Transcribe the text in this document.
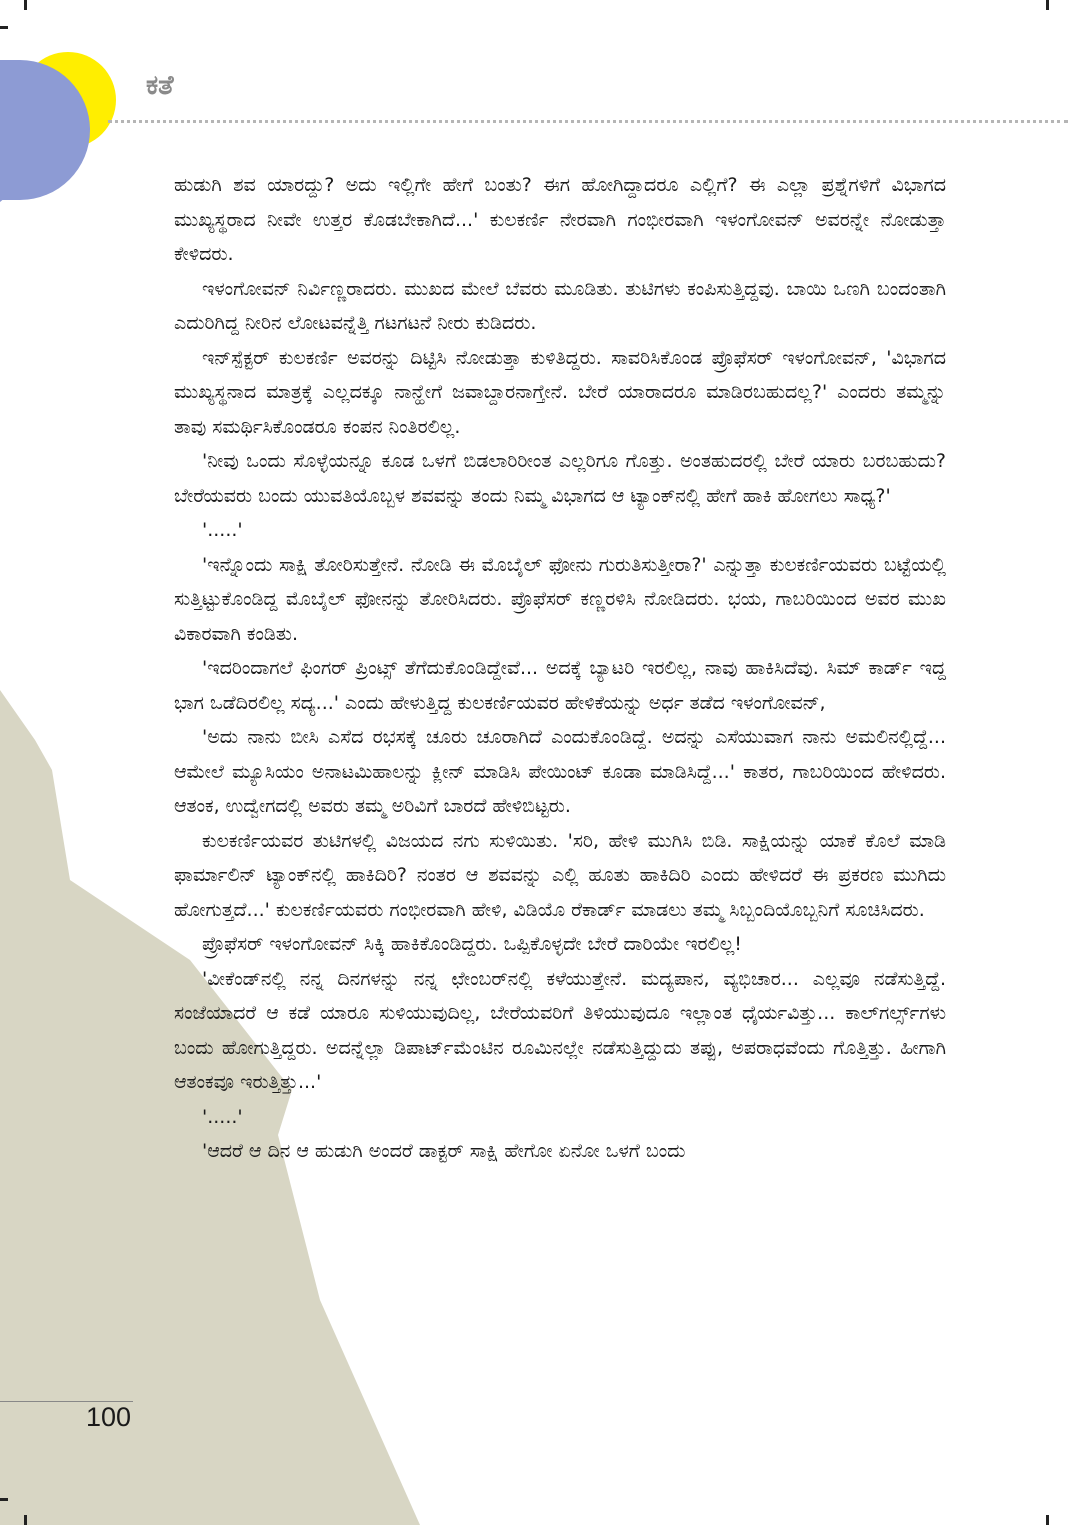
ಕತೆ

ಹುಡುಗಿ ಶವ ಯಾರದ್ದು? ಅದು ಇಲ್ಲಿಗೇ ಹೇಗೆ ಬಂತು? ಈಗ ಹೋಗಿದ್ದಾದರೂ ಎಲ್ಲಿಗೆ? ಈ ಎಲ್ಲಾ ಪ್ರಶ್ನೆಗಳಿಗೆ ವಿಭಾಗದ ಮುಖ್ಯಸ್ಥರಾದ ನೀವೇ ಉತ್ತರ ಕೊಡಬೇಕಾಗಿದೆ...' ಕುಲಕರ್ಣಿ ನೇರವಾಗಿ ಗಂಭೀರವಾಗಿ ಇಳಂಗೋವನ್ ಅವರನ್ನೇ ನೋಡುತ್ತಾ ಕೇಳಿದರು.

ಇಳಂಗೋವನ್ ನಿರ್ವಿಣ್ಣರಾದರು. ಮುಖದ ಮೇಲೆ ಬೆವರು ಮೂಡಿತು. ತುಟಿಗಳು ಕಂಪಿಸುತ್ತಿದ್ದವು. ಬಾಯಿ ಒಣಗಿ ಬಂದಂತಾಗಿ ಎದುರಿಗಿದ್ದ ನೀರಿನ ಲೋಟವನ್ನೆತ್ತಿ ಗಟಗಟನೆ ನೀರು ಕುಡಿದರು.

ಇನ್‌ಸ್ಪೆಕ್ಟರ್ ಕುಲಕರ್ಣಿ ಅವರನ್ನು ದಿಟ್ಟಿಸಿ ನೋಡುತ್ತಾ ಕುಳಿತಿದ್ದರು. ಸಾವರಿಸಿಕೊಂಡ ಪ್ರೊಫೆಸರ್ ಇಳಂಗೋವನ್, 'ವಿಭಾಗದ ಮುಖ್ಯಸ್ಥನಾದ ಮಾತ್ರಕ್ಕೆ ಎಲ್ಲದಕ್ಕೂ ನಾನ್ಹೇಗೆ ಜವಾಬ್ದಾರನಾಗ್ತೇನೆ. ಬೇರೆ ಯಾರಾದರೂ ಮಾಡಿರಬಹುದಲ್ಲ?' ಎಂದರು ತಮ್ಮನ್ನು ತಾವು ಸಮರ್ಥಿಸಿಕೊಂಡರೂ ಕಂಪನ ನಿಂತಿರಲಿಲ್ಲ.

'ನೀವು ಒಂದು ಸೊಳ್ಳೆಯನ್ನೂ ಕೂಡ ಒಳಗೆ ಬಿಡಲಾರಿರೀಂತ ಎಲ್ಲರಿಗೂ ಗೊತ್ತು. ಅಂತಹುದರಲ್ಲಿ ಬೇರೆ ಯಾರು ಬರಬಹುದು? ಬೇರೆಯವರು ಬಂದು ಯುವತಿಯೊಬ್ಬಳ ಶವವನ್ನು ತಂದು ನಿಮ್ಮ ವಿಭಾಗದ ಆ ಟ್ಯಾಂಕ್‌ನಲ್ಲಿ ಹೇಗೆ ಹಾಕಿ ಹೋಗಲು ಸಾಧ್ಯ?'

'.....'

'ಇನ್ನೊಂದು ಸಾಕ್ಷಿ ತೋರಿಸುತ್ತೇನೆ. ನೋಡಿ ಈ ಮೊಬೈಲ್ ಫೋನು ಗುರುತಿಸುತ್ತೀರಾ?' ಎನ್ನುತ್ತಾ ಕುಲಕರ್ಣಿಯವರು ಬಟ್ಟೆಯಲ್ಲಿ ಸುತ್ತಿಟ್ಟುಕೊಂಡಿದ್ದ ಮೊಬೈಲ್ ಫೋನನ್ನು ತೋರಿಸಿದರು. ಪ್ರೊಫೆಸರ್ ಕಣ್ಣರಳಿಸಿ ನೋಡಿದರು. ಭಯ, ಗಾಬರಿಯಿಂದ ಅವರ ಮುಖ ವಿಕಾರವಾಗಿ ಕಂಡಿತು.

'ಇದರಿಂದಾಗಲೆ ಫಿಂಗರ್ ಪ್ರಿಂಟ್ಸ್ ತೆಗೆದುಕೊಂಡಿದ್ದೇವೆ... ಅದಕ್ಕೆ ಬ್ಯಾಟರಿ ಇರಲಿಲ್ಲ, ನಾವು ಹಾಕಿಸಿದೆವು. ಸಿಮ್ ಕಾರ್ಡ್ ಇದ್ದ ಭಾಗ ಒಡೆದಿರಲಿಲ್ಲ ಸದ್ಯ...' ಎಂದು ಹೇಳುತ್ತಿದ್ದ ಕುಲಕರ್ಣಿಯವರ ಹೇಳಿಕೆಯನ್ನು ಅರ್ಧ ತಡೆದ ಇಳಂಗೋವನ್,

'ಅದು ನಾನು ಬೀಸಿ ಎಸೆದ ರಭಸಕ್ಕೆ ಚೂರು ಚೂರಾಗಿದೆ ಎಂದುಕೊಂಡಿದ್ದೆ. ಅದನ್ನು ಎಸೆಯುವಾಗ ನಾನು ಅಮಲಿನಲ್ಲಿದ್ದೆ... ಆಮೇಲೆ ಮ್ಯೂಸಿಯಂ ಅನಾಟಮಿಹಾಲನ್ನು ಕ್ಲೀನ್ ಮಾಡಿಸಿ ಪೇಯಿಂಟ್ ಕೂಡಾ ಮಾಡಿಸಿದ್ದೆ...' ಕಾತರ, ಗಾಬರಿಯಿಂದ ಹೇಳಿದರು. ಆತಂಕ, ಉದ್ವೇಗದಲ್ಲಿ ಅವರು ತಮ್ಮ ಅರಿವಿಗೆ ಬಾರದೆ ಹೇಳಿಬಿಟ್ಟರು.

ಕುಲಕರ್ಣಿಯವರ ತುಟಿಗಳಲ್ಲಿ ವಿಜಯದ ನಗು ಸುಳಿಯಿತು. 'ಸರಿ, ಹೇಳಿ ಮುಗಿಸಿ ಬಿಡಿ. ಸಾಕ್ಷಿಯನ್ನು ಯಾಕೆ ಕೊಲೆ ಮಾಡಿ ಫಾರ್ಮಾಲಿನ್ ಟ್ಯಾಂಕ್‌ನಲ್ಲಿ ಹಾಕಿದಿರಿ? ನಂತರ ಆ ಶವವನ್ನು ಎಲ್ಲಿ ಹೂತು ಹಾಕಿದಿರಿ ಎಂದು ಹೇಳಿದರೆ ಈ ಪ್ರಕರಣ ಮುಗಿದು ಹೋಗುತ್ತದೆ...' ಕುಲಕರ್ಣಿಯವರು ಗಂಭೀರವಾಗಿ ಹೇಳಿ, ವಿಡಿಯೊ ರೆಕಾರ್ಡ್ ಮಾಡಲು ತಮ್ಮ ಸಿಬ್ಬಂದಿಯೊಬ್ಬನಿಗೆ ಸೂಚಿಸಿದರು.

ಪ್ರೊಫೆಸರ್ ಇಳಂಗೋವನ್ ಸಿಕ್ಕಿ ಹಾಕಿಕೊಂಡಿದ್ದರು. ಒಪ್ಪಿಕೊಳ್ಳದೇ ಬೇರೆ ದಾರಿಯೇ ಇರಲಿಲ್ಲ!

'ವೀಕೆಂಡ್‌ನಲ್ಲಿ ನನ್ನ ದಿನಗಳನ್ನು ನನ್ನ ಛೇಂಬರ್‌ನಲ್ಲಿ ಕಳೆಯುತ್ತೇನೆ. ಮದ್ಯಪಾನ, ವ್ಯಭಿಚಾರ... ಎಲ್ಲವೂ ನಡೆಸುತ್ತಿದ್ದೆ. ಸಂಜೆಯಾದರೆ ಆ ಕಡೆ ಯಾರೂ ಸುಳಿಯುವುದಿಲ್ಲ, ಬೇರೆಯವರಿಗೆ ತಿಳಿಯುವುದೂ ಇಲ್ಲಾಂತ ಧೈರ್ಯವಿತ್ತು... ಕಾಲ್‌ಗರ್ಲ್ಸ್‌ಗಳು ಬಂದು ಹೋಗುತ್ತಿದ್ದರು. ಅದನ್ನೆಲ್ಲಾ ಡಿಪಾರ್ಟ್‌ಮೆಂಟಿನ ರೂಮಿನಲ್ಲೇ ನಡೆಸುತ್ತಿದ್ದುದು ತಪ್ಪು, ಅಪರಾಧವೆಂದು ಗೊತ್ತಿತ್ತು. ಹೀಗಾಗಿ ಆತಂಕವೂ ಇರುತ್ತಿತ್ತು...'

'.....'

'ಆದರೆ ಆ ದಿನ ಆ ಹುಡುಗಿ ಅಂದರೆ ಡಾಕ್ಟರ್ ಸಾಕ್ಷಿ ಹೇಗೋ ಏನೋ ಒಳಗೆ ಬಂದು

100
